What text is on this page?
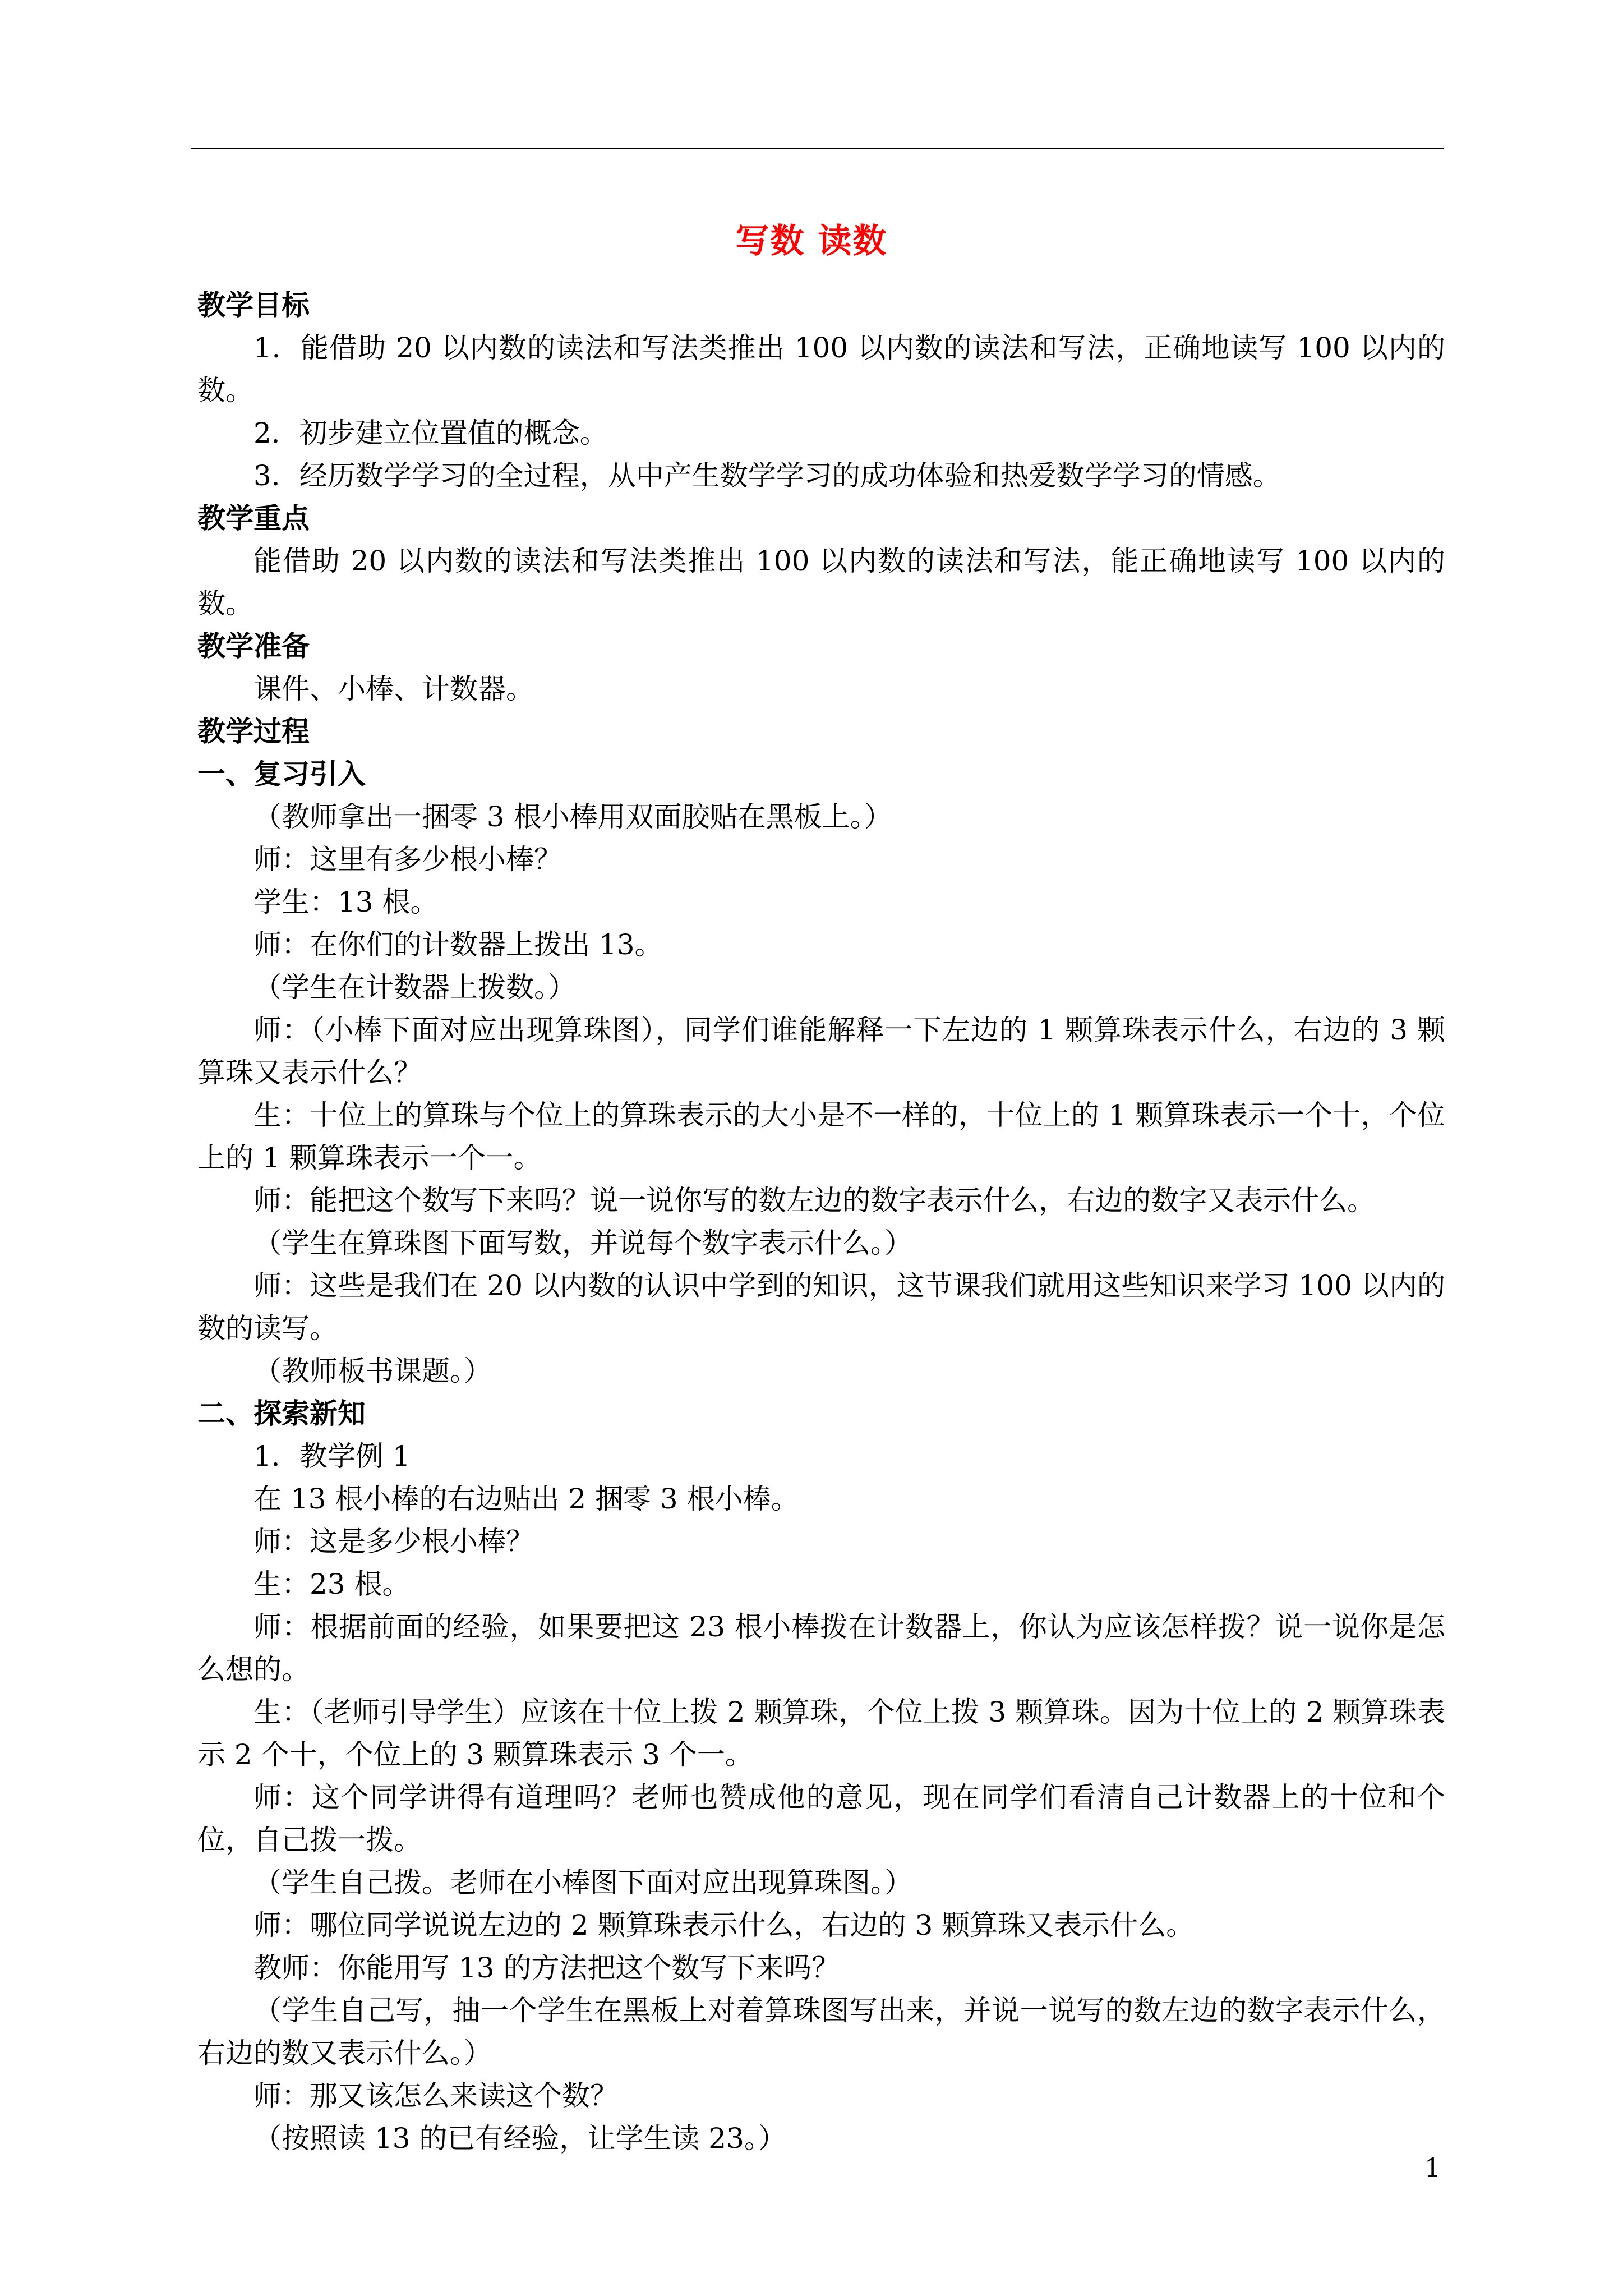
写数 读数

教学目标

1．能借助 20 以内数的读法和写法类推出 100 以内数的读法和写法，正确地读写 100 以内的数。

2．初步建立位置值的概念。

3．经历数学学习的全过程，从中产生数学学习的成功体验和热爱数学学习的情感。

教学重点

能借助 20 以内数的读法和写法类推出 100 以内数的读法和写法，能正确地读写 100 以内的数。

教学准备

课件、小棒、计数器。

教学过程

一、复习引入

（教师拿出一捆零 3 根小棒用双面胶贴在黑板上。）

师：这里有多少根小棒？

学生：13 根。

师：在你们的计数器上拨出 13。

（学生在计数器上拨数。）

师：（小棒下面对应出现算珠图），同学们谁能解释一下左边的 1 颗算珠表示什么，右边的 3 颗算珠又表示什么？

生：十位上的算珠与个位上的算珠表示的大小是不一样的，十位上的 1 颗算珠表示一个十，个位上的 1 颗算珠表示一个一。

师：能把这个数写下来吗？说一说你写的数左边的数字表示什么，右边的数字又表示什么。

（学生在算珠图下面写数，并说每个数字表示什么。）

师：这些是我们在 20 以内数的认识中学到的知识，这节课我们就用这些知识来学习 100 以内的数的读写。

（教师板书课题。）

二、探索新知

1．教学例 1

在 13 根小棒的右边贴出 2 捆零 3 根小棒。

师：这是多少根小棒？

生：23 根。

师：根据前面的经验，如果要把这 23 根小棒拨在计数器上，你认为应该怎样拨？说一说你是怎么想的。

生：（老师引导学生）应该在十位上拨 2 颗算珠，个位上拨 3 颗算珠。因为十位上的 2 颗算珠表示 2 个十，个位上的 3 颗算珠表示 3 个一。

师：这个同学讲得有道理吗？老师也赞成他的意见，现在同学们看清自己计数器上的十位和个位，自己拨一拨。

（学生自己拨。老师在小棒图下面对应出现算珠图。）

师：哪位同学说说左边的 2 颗算珠表示什么，右边的 3 颗算珠又表示什么。

教师：你能用写 13 的方法把这个数写下来吗？

（学生自己写，抽一个学生在黑板上对着算珠图写出来，并说一说写的数左边的数字表示什么，右边的数又表示什么。）

师：那又该怎么来读这个数？

（按照读 13 的已有经验，让学生读 23。）

1
